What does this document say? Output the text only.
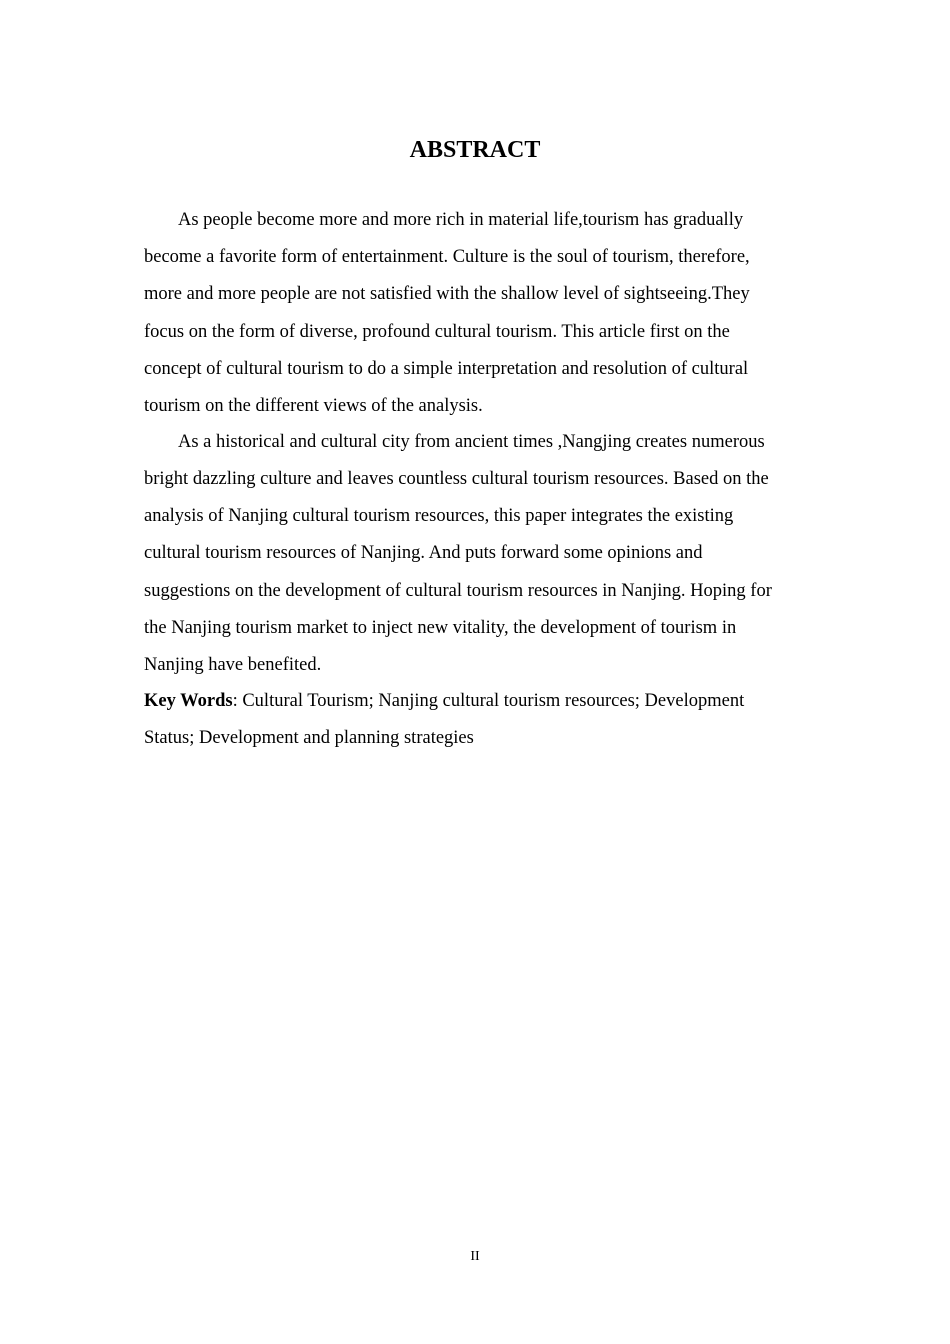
ABSTRACT

As people become more and more rich in material life,tourism has gradually
become a favorite form of entertainment. Culture is the soul of tourism, therefore,
more and more people are not satisfied with the shallow level of sightseeing.They
focus on the form of diverse, profound cultural tourism. This article first on the
concept of cultural tourism to do a simple interpretation and resolution of cultural
tourism on the different views of the analysis.

As a historical and cultural city from ancient times ,Nangjing creates numerous
bright dazzling culture and leaves countless cultural tourism resources. Based on the
analysis of Nanjing cultural tourism resources, this paper integrates the existing
cultural tourism resources of Nanjing. And puts forward some opinions and
suggestions on the development of cultural tourism resources in Nanjing. Hoping for
the Nanjing tourism market to inject new vitality, the development of tourism in
Nanjing have benefited.

Key Words: Cultural Tourism; Nanjing cultural tourism resources; Development
Status; Development and planning strategies

II
